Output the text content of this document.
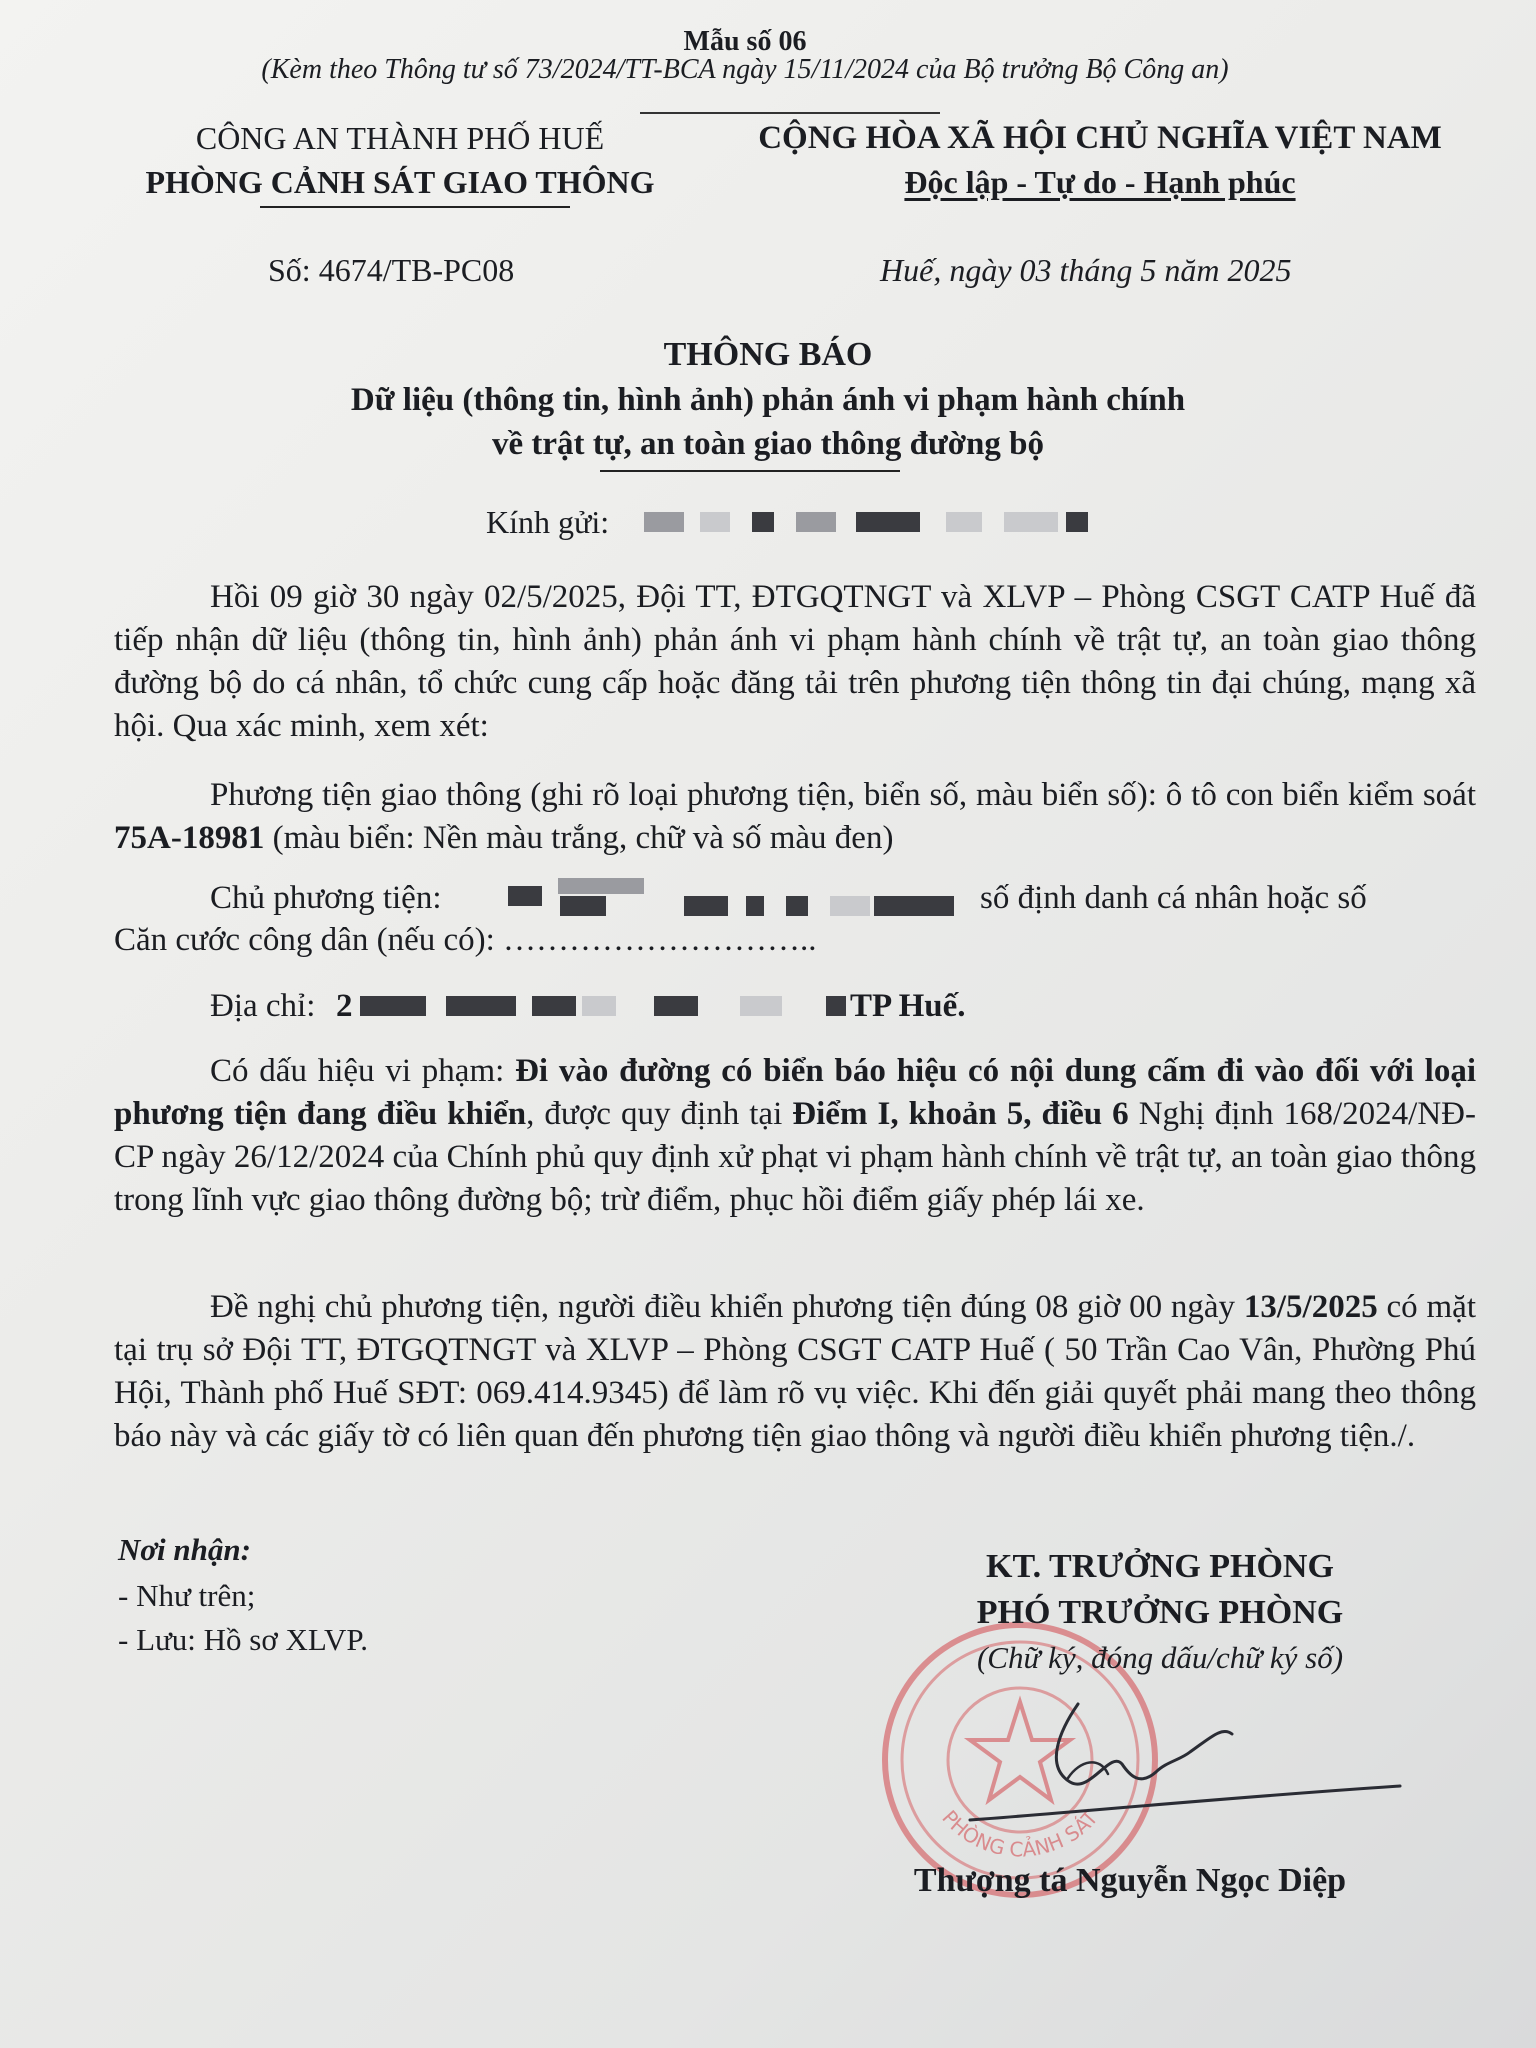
Mẫu số 06
(Kèm theo Thông tư số 73/2024/TT-BCA ngày 15/11/2024 của Bộ trưởng Bộ Công an)
CÔNG AN THÀNH PHỐ HUẾ
PHÒNG CẢNH SÁT GIAO THÔNG
CỘNG HÒA XÃ HỘI CHỦ NGHĨA VIỆT NAM
Độc lập - Tự do - Hạnh phúc
Số: 4674/TB-PC08	Huế, ngày 03 tháng 5 năm 2025
THÔNG BÁO
Dữ liệu (thông tin, hình ảnh) phản ánh vi phạm hành chính
về trật tự, an toàn giao thông đường bộ
Kính gửi:

Hồi 09 giờ 30 ngày 02/5/2025, Đội TT, ĐTGQTNGT và XLVP – Phòng CSGT CATP Huế đã tiếp nhận dữ liệu (thông tin, hình ảnh) phản ánh vi phạm hành chính về trật tự, an toàn giao thông đường bộ do cá nhân, tổ chức cung cấp hoặc đăng tải trên phương tiện thông tin đại chúng, mạng xã hội. Qua xác minh, xem xét:

Phương tiện giao thông (ghi rõ loại phương tiện, biển số, màu biển số): ô tô con biển kiểm soát 75A-18981 (màu biển: Nền màu trắng, chữ và số màu đen)

Chủ phương tiện:	số định danh cá nhân hoặc số
Căn cước công dân (nếu có): ………………………..
Địa chỉ: 2	TP Huế.

Có dấu hiệu vi phạm: Đi vào đường có biển báo hiệu có nội dung cấm đi vào đối với loại phương tiện đang điều khiển, được quy định tại Điểm I, khoản 5, điều 6 Nghị định 168/2024/NĐ-CP ngày 26/12/2024 của Chính phủ quy định xử phạt vi phạm hành chính về trật tự, an toàn giao thông trong lĩnh vực giao thông đường bộ; trừ điểm, phục hồi điểm giấy phép lái xe.

Đề nghị chủ phương tiện, người điều khiển phương tiện đúng 08 giờ 00 ngày 13/5/2025 có mặt tại trụ sở Đội TT, ĐTGQTNGT và XLVP – Phòng CSGT CATP Huế ( 50 Trần Cao Vân, Phường Phú Hội, Thành phố Huế SĐT: 069.414.9345) để làm rõ vụ việc. Khi đến giải quyết phải mang theo thông báo này và các giấy tờ có liên quan đến phương tiện giao thông và người điều khiển phương tiện./.

Nơi nhận:
- Như trên;
- Lưu: Hồ sơ XLVP.
PHÒNG CẢNH SÁT
KT. TRƯỞNG PHÒNG
PHÓ TRƯỞNG PHÒNG
(Chữ ký, đóng dấu/chữ ký số)
Thượng tá Nguyễn Ngọc Diệp
